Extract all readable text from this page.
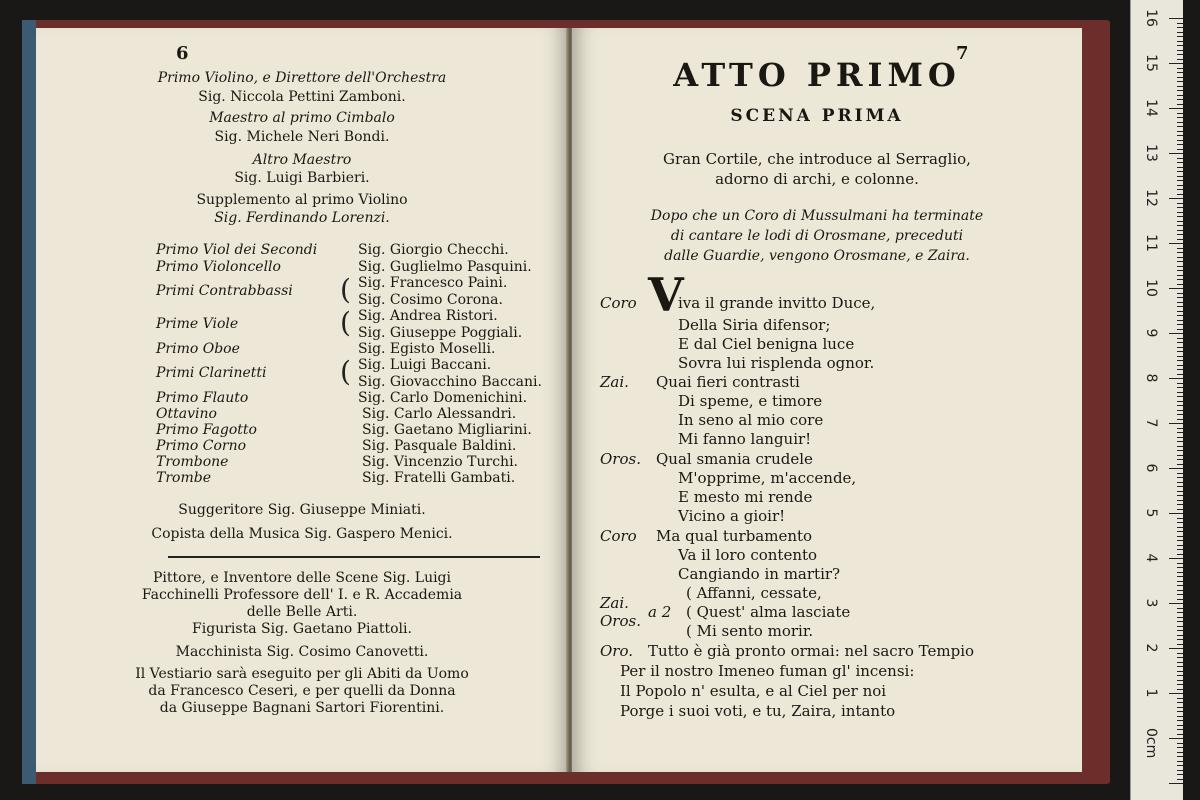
6
Primo Violino, e Direttore dell'Orchestra
Sig. Niccola Pettini Zamboni.
Maestro al primo Cimbalo
Sig. Michele Neri Bondi.
Altro Maestro
Sig. Luigi Barbieri.
Supplemento al primo Violino
Sig. Ferdinando Lorenzi.
Primo Viol dei Secondi	Sig. Giorgio Checchi.
Primo Violoncello	Sig. Guglielmo Pasquini.
Primi Contrabbassi ( Sig. Francesco Paini.
Sig. Cosimo Corona.
Prime Viole	( Sig. Andrea Ristori.
Sig. Giuseppe Poggiali.
Primo Oboe	Sig. Egisto Moselli.
Primi Clarinetti	( Sig. Luigi Baccani.
Sig. Giovacchino Baccani.
Primo Flauto	Sig. Carlo Domenichini.
Ottavino	Sig. Carlo Alessandri.
Primo Fagotto	Sig. Gaetano Migliarini.
Primo Corno	Sig. Pasquale Baldini.
Trombone	Sig. Vincenzio Turchi.
Trombe	Sig. Fratelli Gambati.
Suggeritore Sig. Giuseppe Miniati.
Copista della Musica Sig. Gaspero Menici.
Pittore, e Inventore delle Scene Sig. Luigi
Facchinelli Professore dell' I. e R. Accademia
delle Belle Arti.
Figurista Sig. Gaetano Piattoli.
Macchinista Sig. Cosimo Canovetti.
Il Vestiario sarà eseguito per gli Abiti da Uomo
da Francesco Ceseri, e per quelli da Donna
da Giuseppe Bagnani Sartori Fiorentini.
7
ATTO PRIMO
SCENA PRIMA
Gran Cortile, che introduce al Serraglio,
adorno di archi, e colonne.
Dopo che un Coro di Mussulmani ha terminate
di cantare le lodi di Orosmane, preceduti
dalle Guardie, vengono Orosmane, e Zaira.
V
Coro	iva il grande invitto Duce,
Della Siria difensor;
E dal Ciel benigna luce
Sovra lui risplenda ognor.
Zai. Quai fieri contrasti
Di speme, e timore
In seno al mio core
Mi fanno languir!
Oros. Qual smania crudele
M'opprime, m'accende,
E mesto mi rende
Vicino a gioir!
Coro Ma qual turbamento
Va il loro contento
Cangiando in martir?
Zai.
Oros. a 2
( Affanni, cessate,
( Quest' alma lasciate
( Mi sento morir.
Oro. Tutto è già pronto ormai: nel sacro Tempio
Per il nostro Imeneo fuman gl' incensi:
Il Popolo n' esulta, e al Ciel per noi
Porge i suoi voti, e tu, Zaira, intanto
16
15
14
13
12
11
10
9
8
7
6
5
4
3
2
1
0cm
